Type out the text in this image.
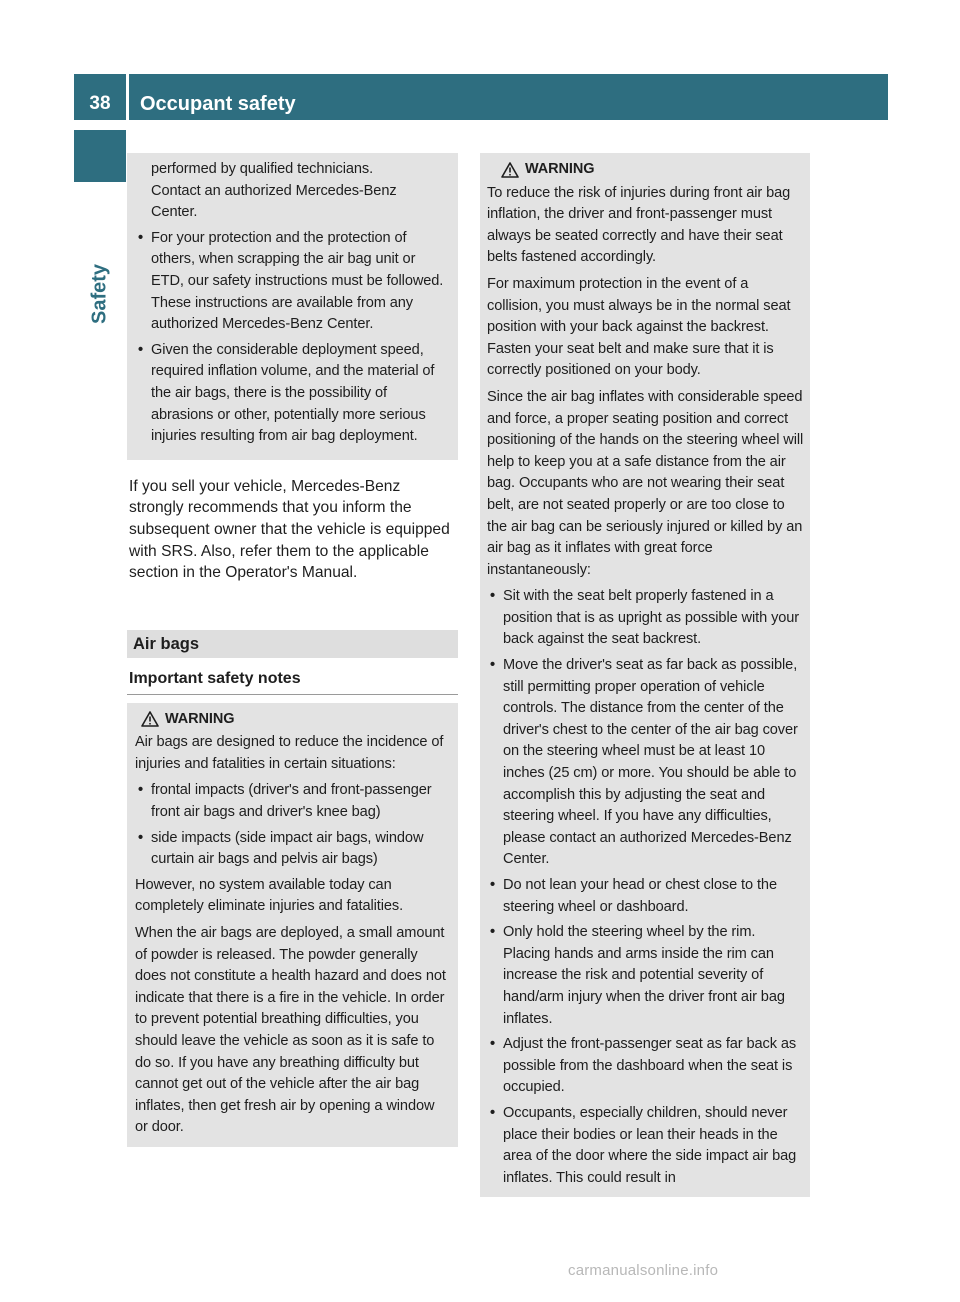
38	Occupant safety
Safety
performed by qualified technicians.
Contact an authorized Mercedes-Benz
Center.
• For your protection and the protection of others, when scrapping the air bag unit or ETD, our safety instructions must be followed. These instructions are available from any authorized Mercedes-Benz Center.
• Given the considerable deployment speed, required inflation volume, and the material of the air bags, there is the possibility of abrasions or other, potentially more serious injuries resulting from air bag deployment.

If you sell your vehicle, Mercedes-Benz strongly recommends that you inform the subsequent owner that the vehicle is equipped with SRS. Also, refer them to the applicable section in the Operator's Manual.

Air bags
Important safety notes
WARNING

Air bags are designed to reduce the incidence of injuries and fatalities in certain situations:

• frontal impacts (driver's and front-passenger front air bags and driver's knee bag)
• side impacts (side impact air bags, window curtain air bags and pelvis air bags)

However, no system available today can completely eliminate injuries and fatalities.

When the air bags are deployed, a small amount of powder is released. The powder generally does not constitute a health hazard and does not indicate that there is a fire in the vehicle. In order to prevent potential breathing difficulties, you should leave the vehicle as soon as it is safe to do so. If you have any breathing difficulty but cannot get out of the vehicle after the air bag inflates, then get fresh air by opening a window or door.

WARNING

To reduce the risk of injuries during front air bag inflation, the driver and front-passenger must always be seated correctly and have their seat belts fastened accordingly.

For maximum protection in the event of a collision, you must always be in the normal seat position with your back against the backrest. Fasten your seat belt and make sure that it is correctly positioned on your body.

Since the air bag inflates with considerable speed and force, a proper seating position and correct positioning of the hands on the steering wheel will help to keep you at a safe distance from the air bag. Occupants who are not wearing their seat belt, are not seated properly or are too close to the air bag can be seriously injured or killed by an air bag as it inflates with great force instantaneously:

• Sit with the seat belt properly fastened in a position that is as upright as possible with your back against the seat backrest.
• Move the driver's seat as far back as possible, still permitting proper operation of vehicle controls. The distance from the center of the driver's chest to the center of the air bag cover on the steering wheel must be at least 10 inches (25 cm) or more. You should be able to accomplish this by adjusting the seat and steering wheel. If you have any difficulties, please contact an authorized Mercedes-Benz Center.
• Do not lean your head or chest close to the steering wheel or dashboard.
• Only hold the steering wheel by the rim. Placing hands and arms inside the rim can increase the risk and potential severity of hand/arm injury when the driver front air bag inflates.
• Adjust the front-passenger seat as far back as possible from the dashboard when the seat is occupied.
• Occupants, especially children, should never place their bodies or lean their heads in the area of the door where the side impact air bag inflates. This could result in
carmanualsonline.info
